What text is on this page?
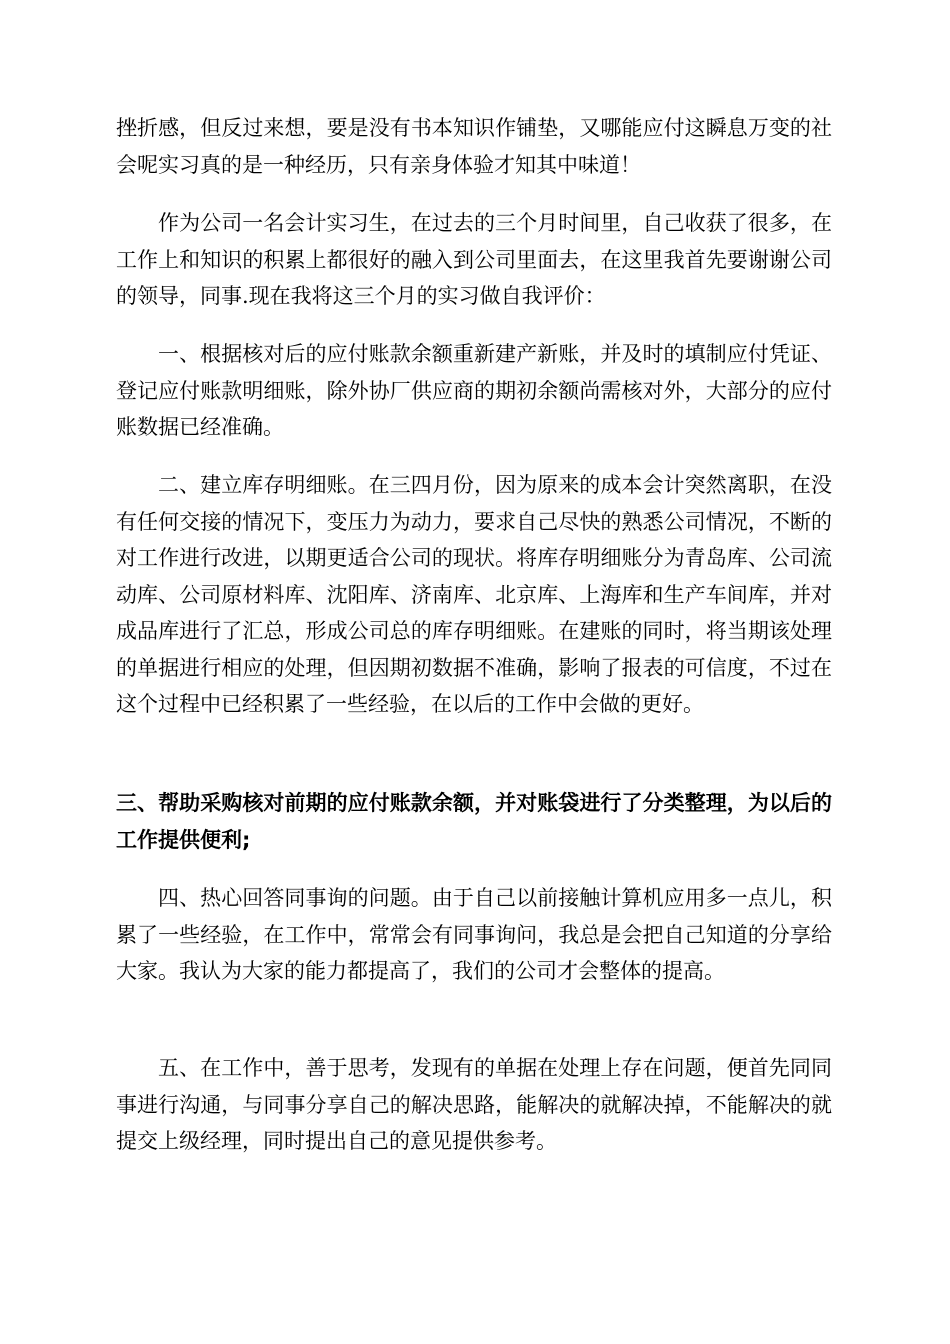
挫折感，但反过来想，要是没有书本知识作铺垫，又哪能应付这瞬息万变的社会呢实习真的是一种经历，只有亲身体验才知其中味道！

作为公司一名会计实习生，在过去的三个月时间里，自己收获了很多，在工作上和知识的积累上都很好的融入到公司里面去，在这里我首先要谢谢公司的领导，同事.现在我将这三个月的实习做自我评价：

一、根据核对后的应付账款余额重新建产新账，并及时的填制应付凭证、登记应付账款明细账，除外协厂供应商的期初余额尚需核对外，大部分的应付账数据已经准确。

二、建立库存明细账。在三四月份，因为原来的成本会计突然离职，在没有任何交接的情况下，变压力为动力，要求自己尽快的熟悉公司情况，不断的对工作进行改进，以期更适合公司的现状。将库存明细账分为青岛库、公司流动库、公司原材料库、沈阳库、济南库、北京库、上海库和生产车间库，并对成品库进行了汇总，形成公司总的库存明细账。在建账的同时，将当期该处理的单据进行相应的处理，但因期初数据不准确，影响了报表的可信度，不过在这个过程中已经积累了一些经验，在以后的工作中会做的更好。

三、帮助采购核对前期的应付账款余额，并对账袋进行了分类整理，为以后的工作提供便利;

四、热心回答同事询的问题。由于自己以前接触计算机应用多一点儿，积累了一些经验，在工作中，常常会有同事询问，我总是会把自己知道的分享给大家。我认为大家的能力都提高了，我们的公司才会整体的提高。

五、在工作中，善于思考，发现有的单据在处理上存在问题，便首先同同事进行沟通，与同事分享自己的解决思路，能解决的就解决掉，不能解决的就提交上级经理，同时提出自己的意见提供参考。
